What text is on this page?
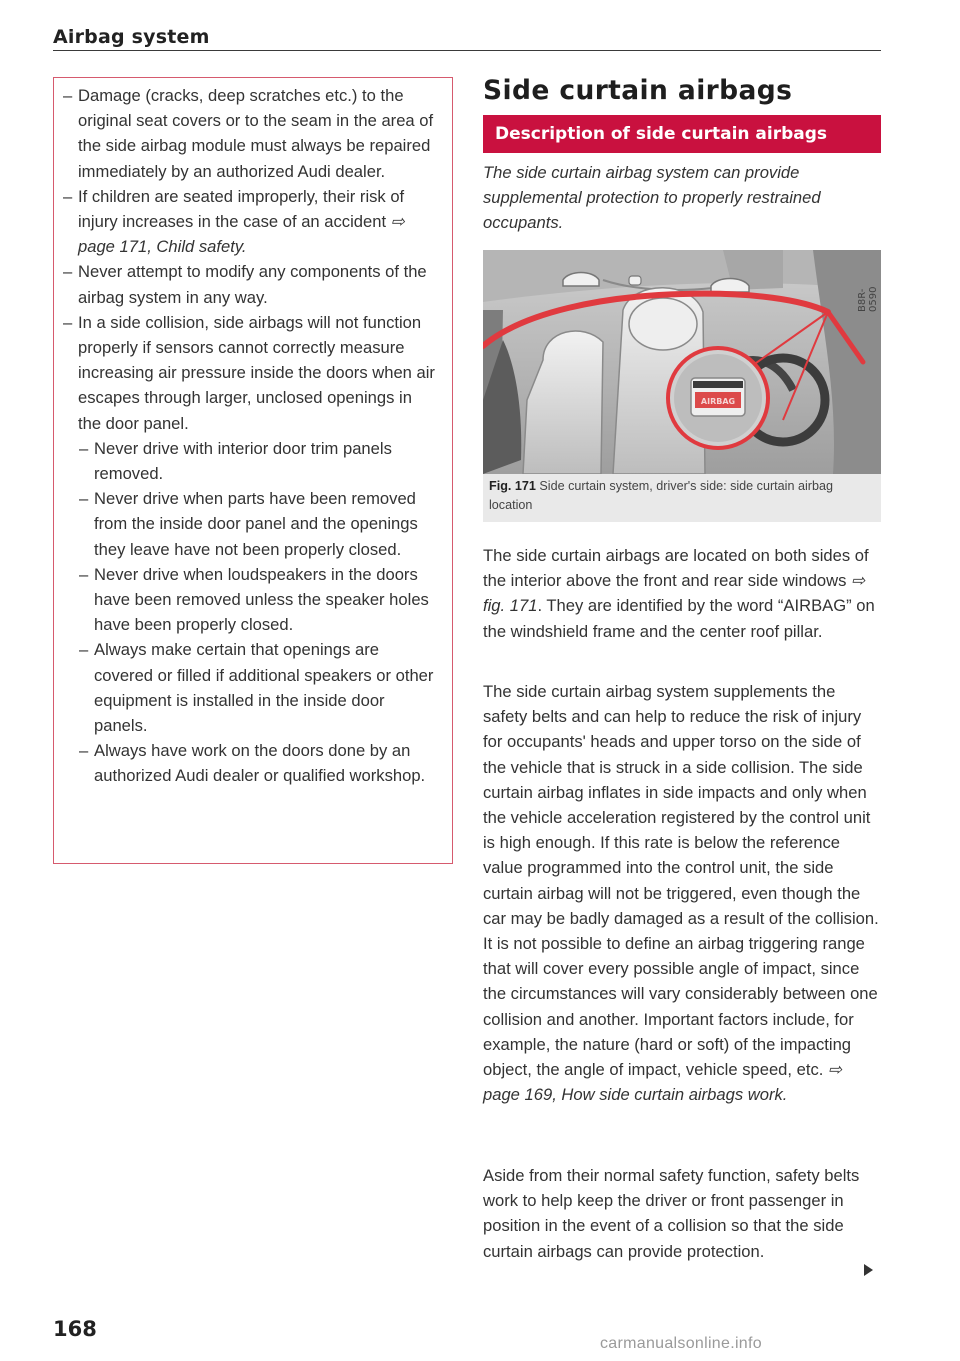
Airbag system
– Damage (cracks, deep scratches etc.) to the original seat covers or to the seam in the area of the side airbag module must always be repaired immediately by an authorized Audi dealer.
– If children are seated improperly, their risk of injury increases in the case of an accident ⇨ page 171, Child safety.
– Never attempt to modify any components of the airbag system in any way.
– In a side collision, side airbags will not function properly if sensors cannot correctly measure increasing air pressure inside the doors when air escapes through larger, unclosed openings in the door panel.
– Never drive with interior door trim panels removed.
– Never drive when parts have been removed from the inside door panel and the openings they leave have not been properly closed.
– Never drive when loudspeakers in the doors have been removed unless the speaker holes have been properly closed.
– Always make certain that openings are covered or filled if additional speakers or other equipment is installed in the inside door panels.
– Always have work on the doors done by an authorized Audi dealer or qualified workshop.
Side curtain airbags
Description of side curtain airbags
The side curtain airbag system can provide supplemental protection to properly restrained occupants.
AIRBAG
B8R-0590
Fig. 171 Side curtain system, driver's side: side curtain airbag location
The side curtain airbags are located on both sides of the interior above the front and rear side windows ⇨ fig. 171. They are identified by the word “AIRBAG” on the windshield frame and the center roof pillar.
The side curtain airbag system supplements the safety belts and can help to reduce the risk of injury for occupants' heads and upper torso on the side of the vehicle that is struck in a side collision. The side curtain airbag inflates in side impacts and only when the vehicle acceleration registered by the control unit is high enough. If this rate is below the reference value programmed into the control unit, the side curtain airbag will not be triggered, even though the car may be badly damaged as a result of the collision. It is not possible to define an airbag triggering range that will cover every possible angle of impact, since the circumstances will vary considerably between one collision and another. Important factors include, for example, the nature (hard or soft) of the impacting object, the angle of impact, vehicle speed, etc. ⇨ page 169, How side curtain airbags work.
Aside from their normal safety function, safety belts work to help keep the driver or front passenger in position in the event of a collision so that the side curtain airbags can provide protection.
168
carmanualsonline.info
